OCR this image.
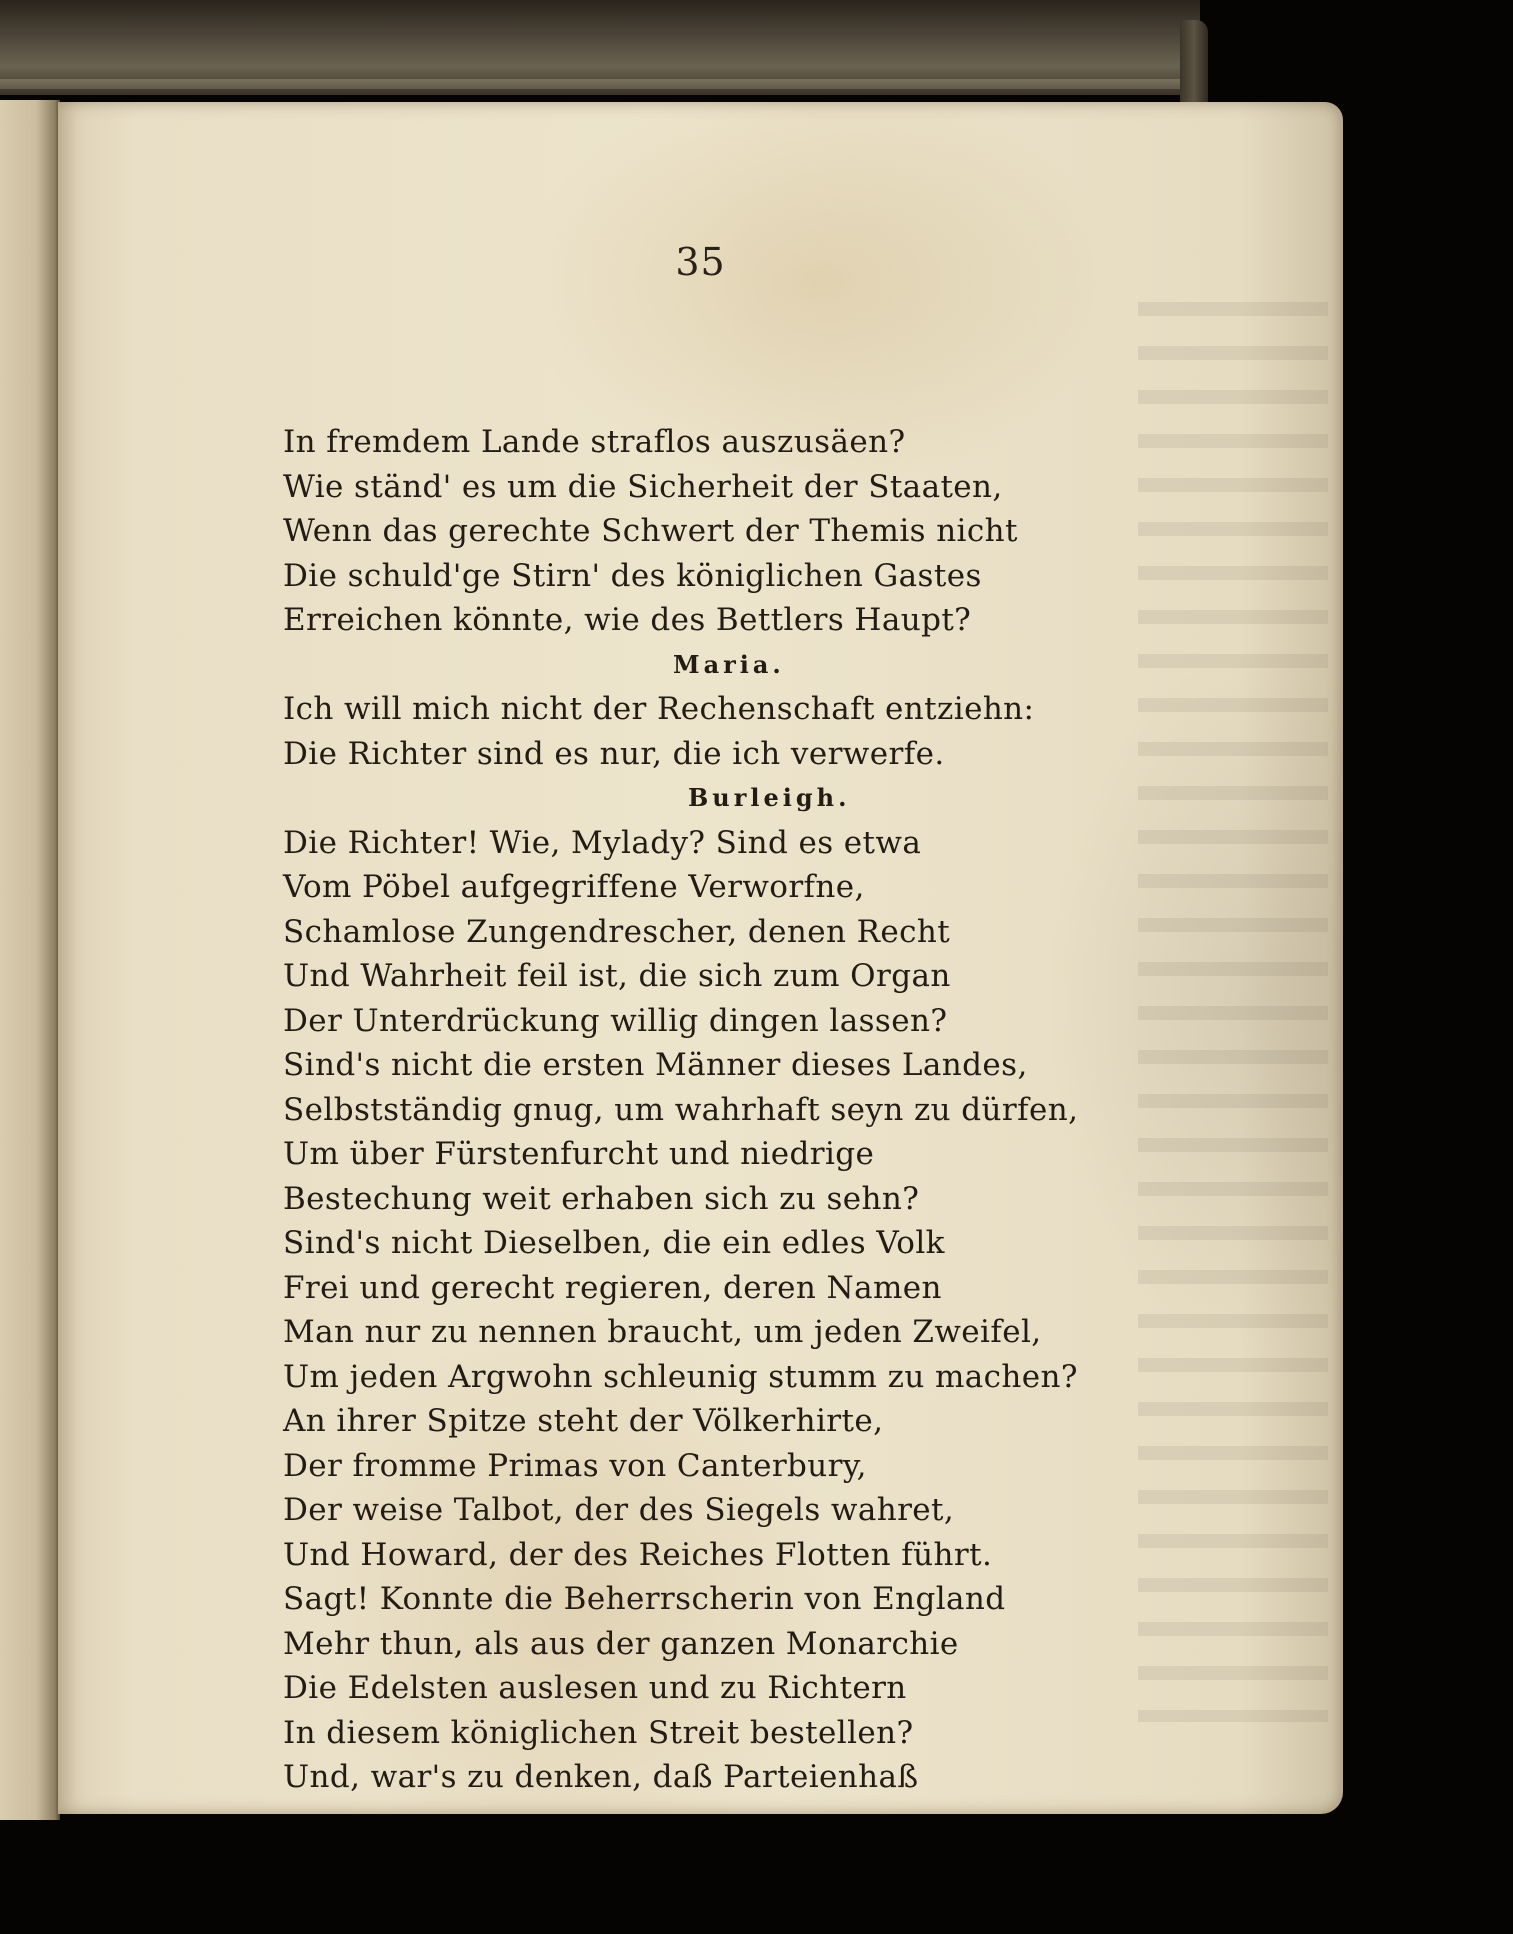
35
In fremdem Lande straflos auszusäen?
Wie ständ' es um die Sicherheit der Staaten,
Wenn das gerechte Schwert der Themis nicht
Die schuld'ge Stirn' des königlichen Gastes
Erreichen könnte, wie des Bettlers Haupt?
Maria.
Ich will mich nicht der Rechenschaft entziehn:
Die Richter sind es nur, die ich verwerfe.
Burleigh.
Die Richter! Wie, Mylady? Sind es etwa
Vom Pöbel aufgegriffene Verworfne,
Schamlose Zungendrescher, denen Recht
Und Wahrheit feil ist, die sich zum Organ
Der Unterdrückung willig dingen lassen?
Sind's nicht die ersten Männer dieses Landes,
Selbstständig gnug, um wahrhaft seyn zu dürfen,
Um über Fürstenfurcht und niedrige
Bestechung weit erhaben sich zu sehn?
Sind's nicht Dieselben, die ein edles Volk
Frei und gerecht regieren, deren Namen
Man nur zu nennen braucht, um jeden Zweifel,
Um jeden Argwohn schleunig stumm zu machen?
An ihrer Spitze steht der Völkerhirte,
Der fromme Primas von Canterbury,
Der weise Talbot, der des Siegels wahret,
Und Howard, der des Reiches Flotten führt.
Sagt! Konnte die Beherrscherin von England
Mehr thun, als aus der ganzen Monarchie
Die Edelsten auslesen und zu Richtern
In diesem königlichen Streit bestellen?
Und, war's zu denken, daß Parteienhaß
